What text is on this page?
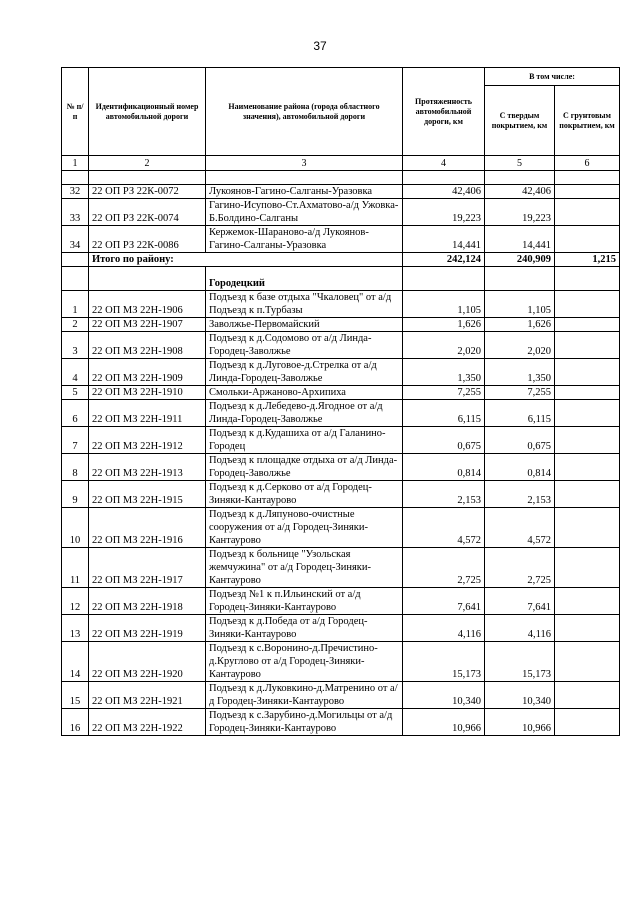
37
№ п/п	Идентификационный номер автомобильной дороги	Наименование района (города областного значения), автомобильной дороги	Протяженность автомобильной дороги, км	В том числе:	
				С твердым покрытием, км	С грунтовым покрытием, км
1	2	3	4	5	6

32	22 ОП РЗ 22К-0072	Лукоянов-Гагино-Салганы-Уразовка	42,406	42,406	
33	22 ОП РЗ 22К-0074	Гагино-Исупово-Ст.Ахматово-а/д Ужовка-Б.Болдино-Салганы	19,223	19,223	
34	22 ОП РЗ 22К-0086	Кержемок-Шараново-а/д Лукоянов-Гагино-Салганы-Уразовка	14,441	14,441	
	Итого по району:		242,124	240,909	1,215
		Городецкий			
1	22 ОП МЗ 22Н-1906	Подъезд к базе отдыха "Чкаловец" от а/д Подъезд к п.Турбазы	1,105	1,105	
2	22 ОП МЗ 22Н-1907	Заволжье-Первомайский	1,626	1,626	
3	22 ОП МЗ 22Н-1908	Подъезд к д.Содомово от а/д Линда-Городец-Заволжье	2,020	2,020	
4	22 ОП МЗ 22Н-1909	Подъезд к д.Луговое-д.Стрелка от а/д Линда-Городец-Заволжье	1,350	1,350	
5	22 ОП МЗ 22Н-1910	Смольки-Аржаново-Архипиха	7,255	7,255	
6	22 ОП МЗ 22Н-1911	Подъезд к д.Лебедево-д.Ягодное от а/д Линда-Городец-Заволжье	6,115	6,115	
7	22 ОП МЗ 22Н-1912	Подъезд к д.Кудашиха от а/д Галанино-Городец	0,675	0,675	
8	22 ОП МЗ 22Н-1913	Подъезд к площадке отдыха от а/д Линда-Городец-Заволжье	0,814	0,814	
9	22 ОП МЗ 22Н-1915	Подъезд к д.Серково от а/д Городец-Зиняки-Кантаурово	2,153	2,153	
10	22 ОП МЗ 22Н-1916	Подъезд к д.Ляпуново-очистные сооружения от а/д Городец-Зиняки-Кантаурово	4,572	4,572	
11	22 ОП МЗ 22Н-1917	Подъезд к больнице "Узольская жемчужина" от а/д Городец-Зиняки-Кантаурово	2,725	2,725	
12	22 ОП МЗ 22Н-1918	Подъезд №1 к п.Ильинский от а/д Городец-Зиняки-Кантаурово	7,641	7,641	
13	22 ОП МЗ 22Н-1919	Подъезд к д.Победа от а/д Городец-Зиняки-Кантаурово	4,116	4,116	
14	22 ОП МЗ 22Н-1920	Подъезд к с.Воронино-д.Пречистино-д.Круглово от а/д Городец-Зиняки-Кантаурово	15,173	15,173	
15	22 ОП МЗ 22Н-1921	Подъезд к д.Луковкино-д.Матренино от а/д Городец-Зиняки-Кантаурово	10,340	10,340	
16	22 ОП МЗ 22Н-1922	Подъезд к с.Зарубино-д.Могильцы от а/д Городец-Зиняки-Кантаурово	10,966	10,966	
